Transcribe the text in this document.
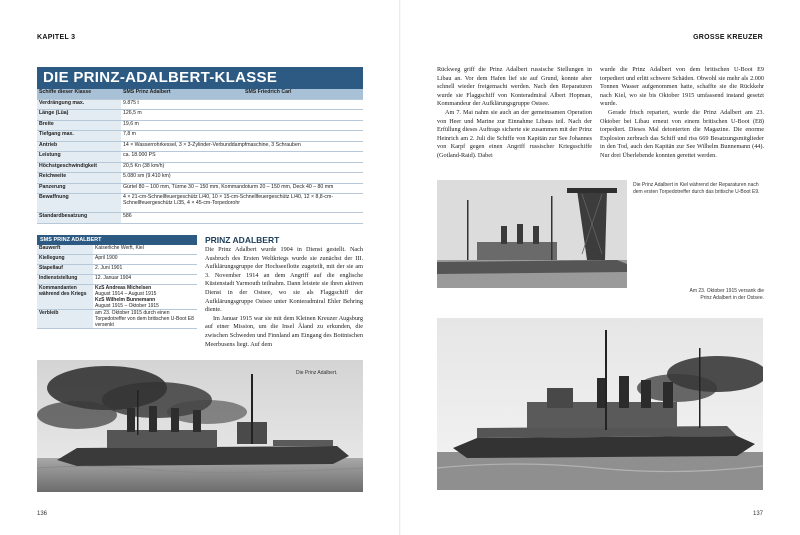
KAPITEL 3	GROSSE KREUZER
DIE PRINZ-ADALBERT-KLASSE
Schiffe dieser Klasse	SMS Prinz Adalbert	SMS Friedrich Carl
Verdrängung max.	9.875 t	
Länge (Lüa)	126,5 m	
Breite	19,6 m	
Tiefgang max.	7,8 m	
Antrieb	14 × Wasserrohrkessel, 3 × 3-Zylinder-Verbunddampfmaschine, 3 Schrauben	
Leistung	ca. 18.000 PS	
Höchstgeschwindigkeit	20,5 Kn (38 km/h)	
Reichweite	5.080 sm (9.410 km)	
Panzerung	Gürtel 80 – 100 mm, Türme 30 – 150 mm, Kommandoturm 20 – 150 mm, Deck 40 – 80 mm	
Bewaffnung	4 × 21-cm-Schnellfeuergeschütz L/40, 10 × 15-cm-Schnellfeuergeschütz L/40, 12 × 8,8-cm-Schnellfeuergeschütz L/35, 4 × 45-cm-Torpedorohr	
Standardbesatzung	586	
SMS PRINZ ADALBERT
Bauwerft	Kaiserliche Werft, Kiel
Kiellegung	April 1900
Stapellauf	2. Juni 1901
Indienststellung	12. Januar 1904
Kommandanten während des Kriegs	KzS Andreas Michelsen
August 1914 – August 1915
KzS Wilhelm Bunnemann
August 1915 – Oktober 1915

Verbleib	am 23. Oktober 1915 durch einen Torpedotreffer von dem britischen U-Boot E8 versenkt
PRINZ ADALBERT

Die Prinz Adalbert wurde 1904 in Dienst gestellt. Nach Ausbruch des Ersten Weltkriegs wurde sie zunächst der III. Aufklärungsgruppe der Hochseeflotte zugeteilt, mit der sie am 3. November 1914 an dem Angriff auf die englische Küstenstadt Yarmouth teilnahm. Dann leistete sie ihren aktiven Dienst in der Ostsee, wo sie als Flaggschiff der Aufklärungsgruppe Ostsee unter Konteradmiral Ehler Behring diente.

Im Januar 1915 war sie mit dem Kleinen Kreuzer Augsburg auf einer Mission, um die Insel Åland zu erkunden, die zwischen Schweden und Finnland am Eingang des Bottnischen Meerbusens liegt. Auf dem

Rückweg griff die Prinz Adalbert russische Stellungen in Libau an. Vor dem Hafen lief sie auf Grund, konnte aber schnell wieder freigemacht werden. Nach den Reparaturen wurde sie Flaggschiff von Konteradmiral Albert Hopman, Kommandeur der Aufklärungsgruppe Ostsee.

Am 7. Mai nahm sie auch an der gemeinsamen Operation von Heer und Marine zur Einnahme Libaus teil. Nach der Erfüllung dieses Auftrags sicherte sie zusammen mit der Prinz Heinrich am 2. Juli die Schiffe von Kapitän zur See Johannes von Karpf gegen einen Angriff russischer Kriegsschiffe (Gotland-Raid). Dabei

wurde die Prinz Adalbert von dem britischen U-Boot E9 torpediert und erlitt schwere Schäden. Obwohl sie mehr als 2.000 Tonnen Wasser aufgenommen hatte, schaffte sie die Rückkehr nach Kiel, wo sie bis Oktober 1915 umfassend instand gesetzt wurde.

Gerade frisch repariert, wurde die Prinz Adalbert am 23. Oktober bei Libau erneut von einem britischen U-Boot (E8) torpediert. Dieses Mal detonierten die Magazine. Die enorme Explosion zerbrach das Schiff und riss 669 Besatzungsmitglieder in den Tod, auch den Kapitän zur See Wilhelm Bunnemann (44). Nur drei Überlebende konnten gerettet werden.

Die Prinz Adalbert.
Die Prinz Adalbert in Kiel während der Reparaturen nach dem ersten Torpedotreffer durch das britische U-Boot E9.
Am 23. Oktober 1915 versank die Prinz Adalbert in der Ostsee.
136	137
